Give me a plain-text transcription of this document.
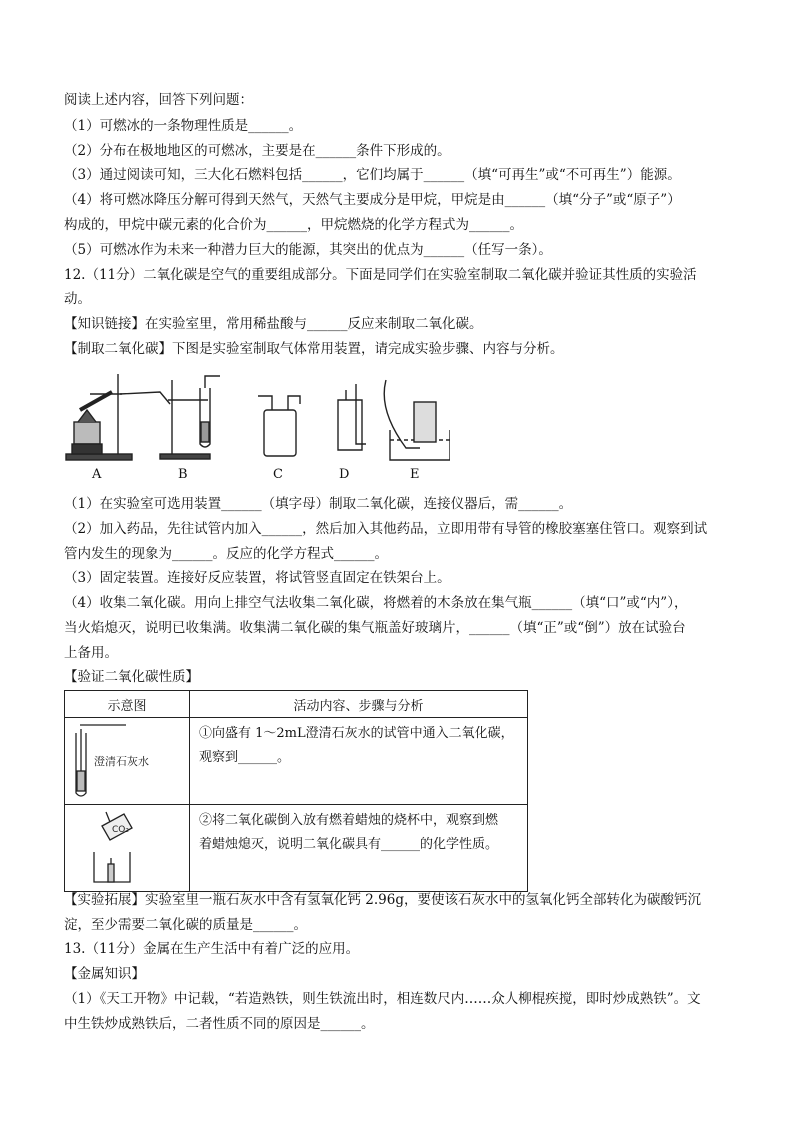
阅读上述内容，回答下列问题：
（1）可燃冰的一条物理性质是______。
（2）分布在极地地区的可燃冰，主要是在______条件下形成的。
（3）通过阅读可知，三大化石燃料包括______，它们均属于______（填“可再生”或“不可再生”）能源。
（4）将可燃冰降压分解可得到天然气，天然气主要成分是甲烷，甲烷是由______（填“分子”或“原子”）
构成的，甲烷中碳元素的化合价为______，甲烷燃烧的化学方程式为______。
（5）可燃冰作为未来一种潜力巨大的能源，其突出的优点为______（任写一条）。
12.（11分）二氧化碳是空气的重要组成部分。下面是同学们在实验室制取二氧化碳并验证其性质的实验活
动。
【知识链接】在实验室里，常用稀盐酸与______反应来制取二氧化碳。
【制取二氧化碳】下图是实验室制取气体常用装置，请完成实验步骤、内容与分析。
A	B	C	D	E
（1）在实验室可选用装置______（填字母）制取二氧化碳，连接仪器后，需______。
（2）加入药品，先往试管内加入______，然后加入其他药品，立即用带有导管的橡胶塞塞住管口。观察到试
管内发生的现象为______。反应的化学方程式______。
（3）固定装置。连接好反应装置，将试管竖直固定在铁架台上。
（4）收集二氧化碳。用向上排空气法收集二氧化碳，将燃着的木条放在集气瓶______（填“口”或“内”），
当火焰熄灭，说明已收集满。收集满二氧化碳的集气瓶盖好玻璃片，______（填“正”或“倒”）放在试验台
上备用。
【验证二氧化碳性质】
示意图	活动内容、步骤与分析

澄清石灰水	①向盛有 1～2mL澄清石灰水的试管中通入二氧化碳，
观察到______。

CO₂	②将二氧化碳倒入放有燃着蜡烛的烧杯中，观察到燃
着蜡烛熄灭，说明二氧化碳具有______的化学性质。
【实验拓展】实验室里一瓶石灰水中含有氢氧化钙 2.96g，要使该石灰水中的氢氧化钙全部转化为碳酸钙沉
淀，至少需要二氧化碳的质量是______。
13.（11分）金属在生产生活中有着广泛的应用。
【金属知识】
（1）《天工开物》中记载，“若造熟铁，则生铁流出时，相连数尺内……众人柳棍疾搅，即时炒成熟铁”。文
中生铁炒成熟铁后，二者性质不同的原因是______。
